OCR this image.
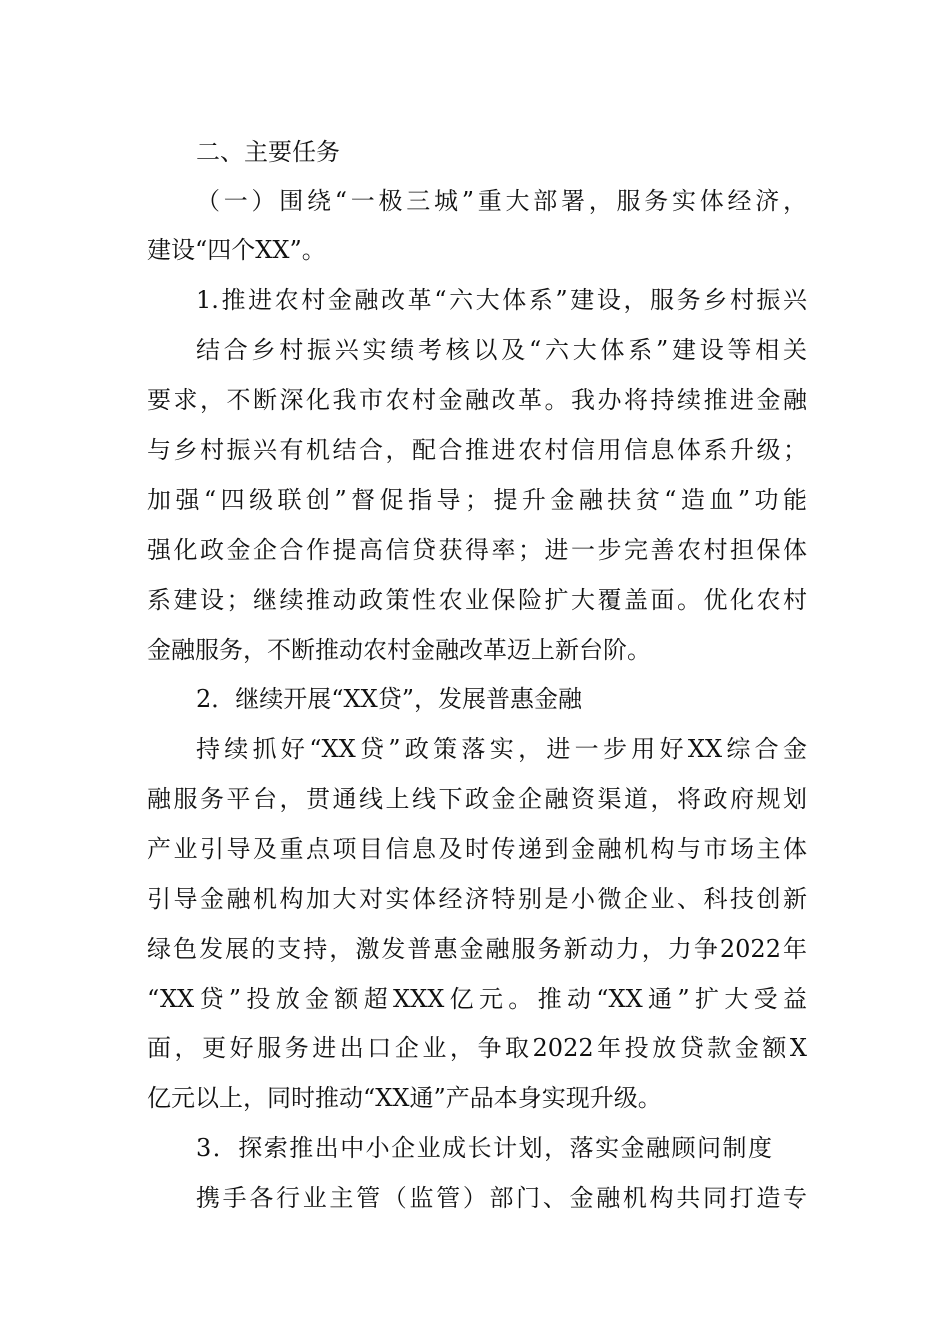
二、主要任务
（一）围绕“一极三城”重大部署，服务实体经济，
建设“四个XX”。
1.推进农村金融改革“六大体系”建设，服务乡村振兴
结合乡村振兴实绩考核以及“六大体系”建设等相关
要求，不断深化我市农村金融改革。我办将持续推进金融
与乡村振兴有机结合，配合推进农村信用信息体系升级；
加强“四级联创”督促指导；提升金融扶贫“造血”功能
强化政金企合作提高信贷获得率；进一步完善农村担保体
系建设；继续推动政策性农业保险扩大覆盖面。优化农村
金融服务，不断推动农村金融改革迈上新台阶。
2．继续开展“XX贷”，发展普惠金融
持续抓好“XX贷”政策落实，进一步用好XX综合金
融服务平台，贯通线上线下政金企融资渠道，将政府规划
产业引导及重点项目信息及时传递到金融机构与市场主体
引导金融机构加大对实体经济特别是小微企业、科技创新
绿色发展的支持，激发普惠金融服务新动力，力争2022年
“XX贷”投放金额超XXX亿元。推动“XX通”扩大受益
面，更好服务进出口企业，争取2022年投放贷款金额X
亿元以上，同时推动“XX通”产品本身实现升级。
3．探索推出中小企业成长计划，落实金融顾问制度
携手各行业主管（监管）部门、金融机构共同打造专
